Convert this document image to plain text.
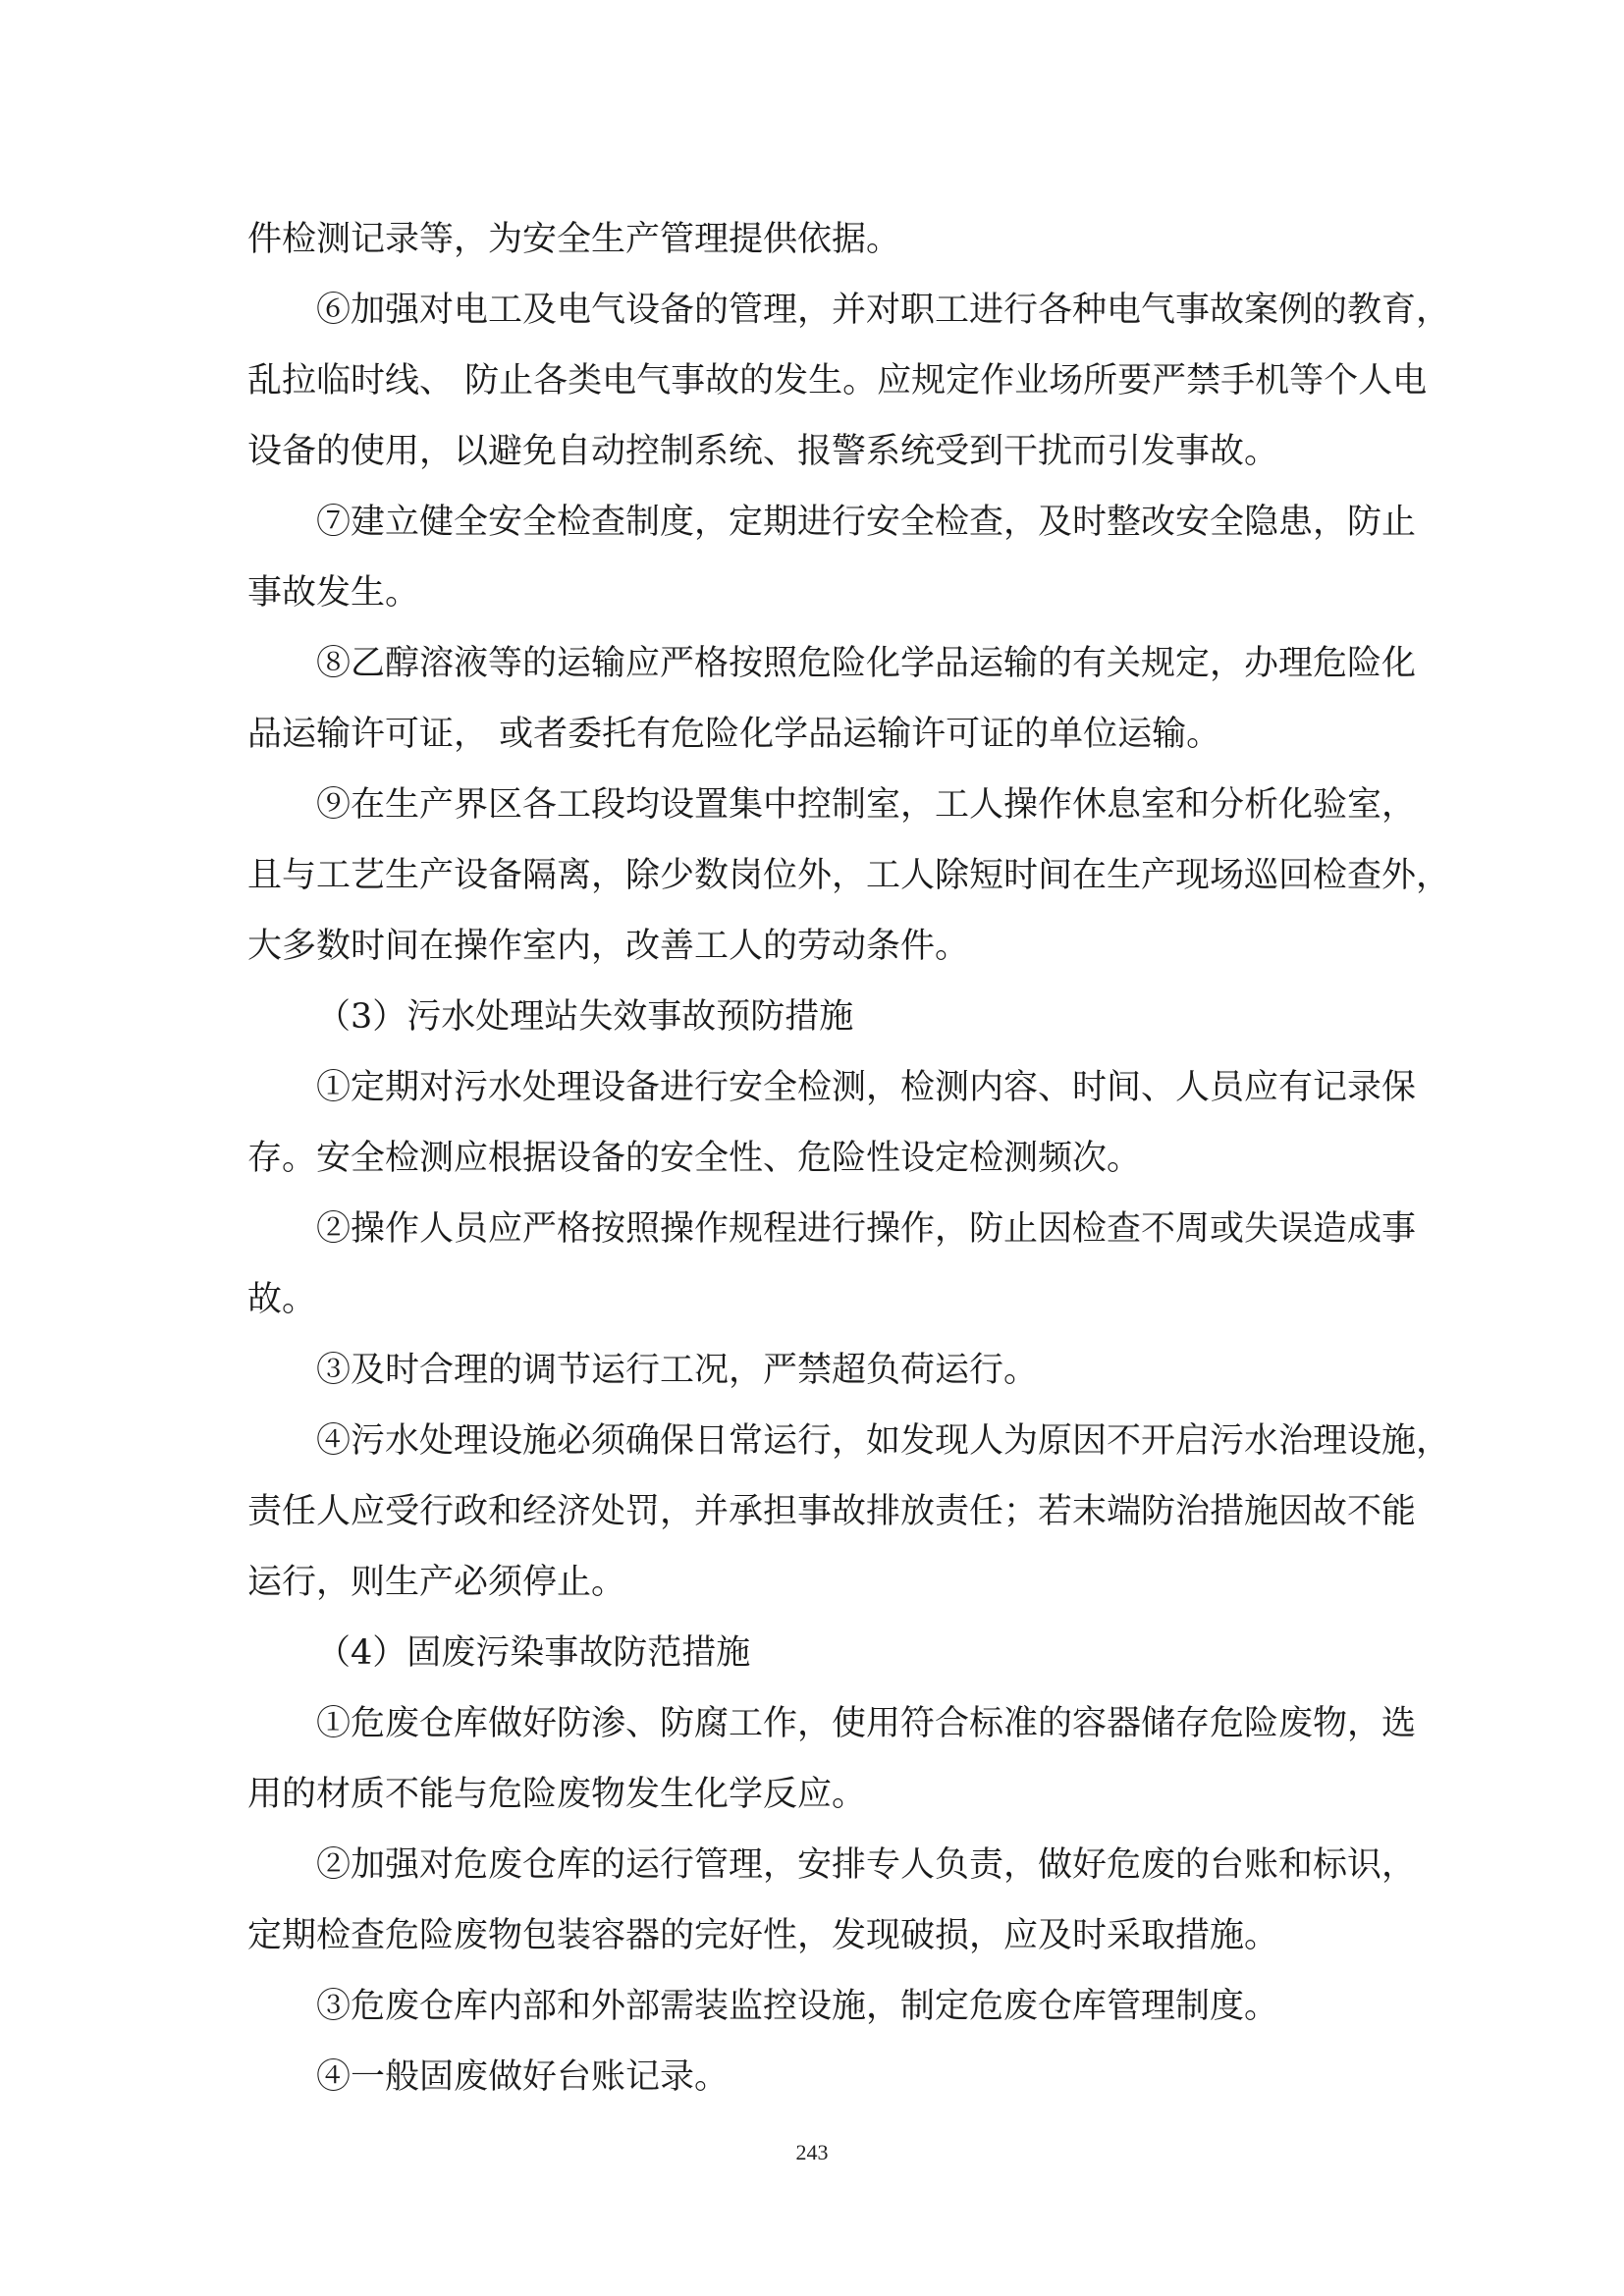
件检测记录等，为安全生产管理提供依据。
⑥加强对电工及电气设备的管理，并对职工进行各种电气事故案例的教育，
乱拉临时线、 防止各类电气事故的发生。应规定作业场所要严禁手机等个人电
设备的使用，以避免自动控制系统、报警系统受到干扰而引发事故。
⑦建立健全安全检查制度，定期进行安全检查，及时整改安全隐患，防止
事故发生。
⑧乙醇溶液等的运输应严格按照危险化学品运输的有关规定，办理危险化
品运输许可证， 或者委托有危险化学品运输许可证的单位运输。
⑨在生产界区各工段均设置集中控制室，工人操作休息室和分析化验室，
且与工艺生产设备隔离，除少数岗位外，工人除短时间在生产现场巡回检查外，
大多数时间在操作室内，改善工人的劳动条件。
（3）污水处理站失效事故预防措施
①定期对污水处理设备进行安全检测，检测内容、时间、人员应有记录保
存。安全检测应根据设备的安全性、危险性设定检测频次。
②操作人员应严格按照操作规程进行操作，防止因检查不周或失误造成事
故。
③及时合理的调节运行工况，严禁超负荷运行。
④污水处理设施必须确保日常运行，如发现人为原因不开启污水治理设施，
责任人应受行政和经济处罚，并承担事故排放责任；若末端防治措施因故不能
运行，则生产必须停止。
（4）固废污染事故防范措施
①危废仓库做好防渗、防腐工作，使用符合标准的容器储存危险废物，选
用的材质不能与危险废物发生化学反应。
②加强对危废仓库的运行管理，安排专人负责，做好危废的台账和标识，
定期检查危险废物包装容器的完好性，发现破损，应及时采取措施。
③危废仓库内部和外部需装监控设施，制定危废仓库管理制度。
④一般固废做好台账记录。
243
